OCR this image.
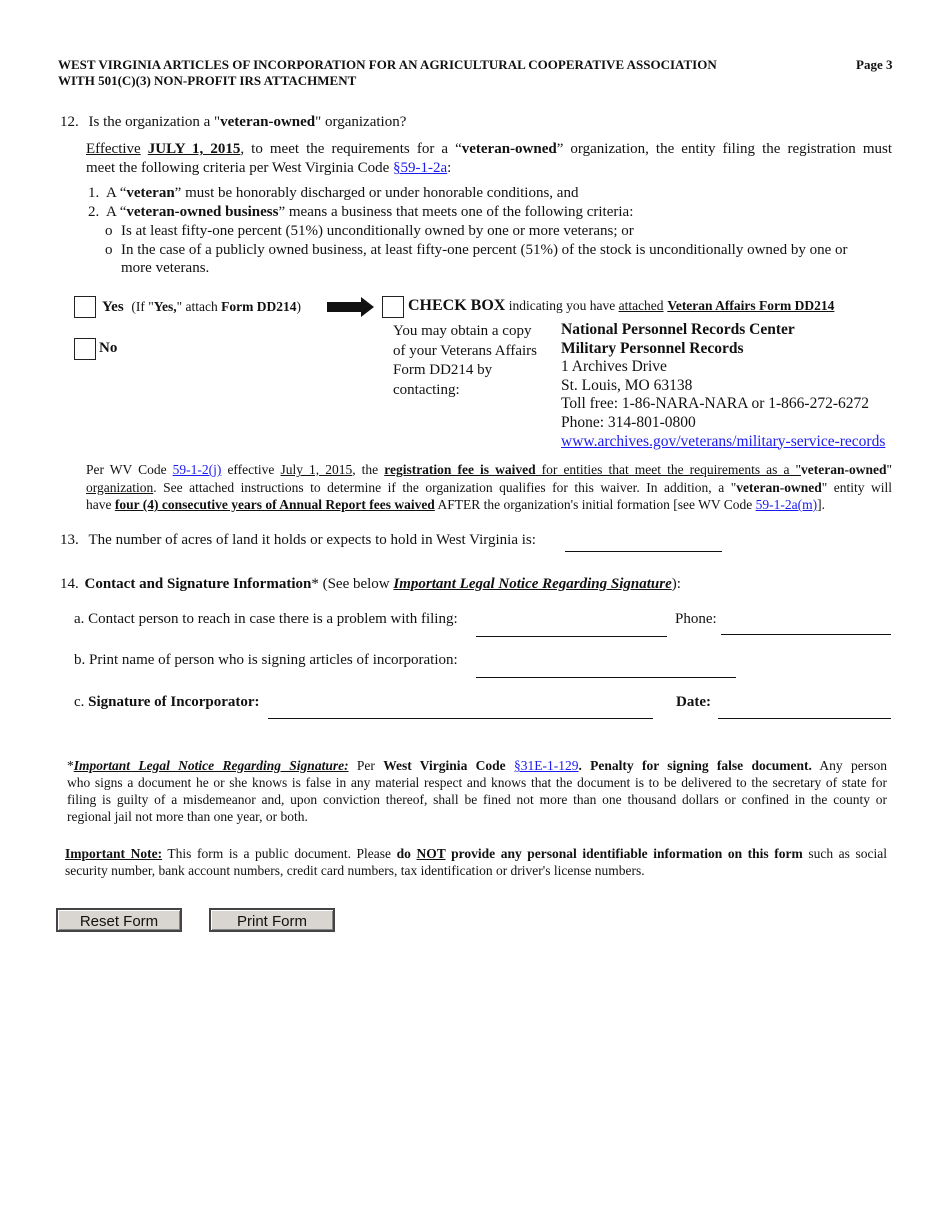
WEST VIRGINIA ARTICLES OF INCORPORATION FOR AN AGRICULTURAL COOPERATIVE ASSOCIATION
WITH 501(C)(3) NON-PROFIT IRS ATTACHMENT
Page 3
12. Is the organization a "veteran-owned" organization?
Effective JULY 1, 2015, to meet the requirements for a “veteran-owned” organization, the entity filing the registration must
meet the following criteria per West Virginia Code §59-1-2a:
1. A “veteran” must be honorably discharged or under honorable conditions, and
2. A “veteran-owned business” means a business that meets one of the following criteria:
o Is at least fifty-one percent (51%) unconditionally owned by one or more veterans; or
o In the case of a publicly owned business, at least fifty-one percent (51%) of the stock is unconditionally owned by one or
more veterans.
Yes (If "Yes," attach Form DD214)	CHECK BOX indicating you have attached Veteran Affairs Form DD214
No
You may obtain a copy
of your Veterans Affairs
Form DD214 by
contacting:
National Personnel Records Center
Military Personnel Records
1 Archives Drive
St. Louis, MO 63138
Toll free: 1-86-NARA-NARA or 1-866-272-6272
Phone: 314-801-0800
www.archives.gov/veterans/military-service-records
Per WV Code 59-1-2(j) effective July 1, 2015, the registration fee is waived for entities that meet the requirements as a "veteran-owned"
organization. See attached instructions to determine if the organization qualifies for this waiver. In addition, a "veteran-owned" entity will
have four (4) consecutive years of Annual Report fees waived AFTER the organization's initial formation [see WV Code 59-1-2a(m)].
13. The number of acres of land it holds or expects to hold in West Virginia is:
14. Contact and Signature Information* (See below Important Legal Notice Regarding Signature):
a. Contact person to reach in case there is a problem with filing:	Phone:
b. Print name of person who is signing articles of incorporation:
c. Signature of Incorporator:	Date:
*Important Legal Notice Regarding Signature: Per West Virginia Code §31E-1-129. Penalty for signing false document. Any person
who signs a document he or she knows is false in any material respect and knows that the document is to be delivered to the secretary of state for
filing is guilty of a misdemeanor and, upon conviction thereof, shall be fined not more than one thousand dollars or confined in the county or
regional jail not more than one year, or both.
Important Note: This form is a public document. Please do NOT provide any personal identifiable information on this form such as social
security number, bank account numbers, credit card numbers, tax identification or driver's license numbers.
Reset Form	Print Form
